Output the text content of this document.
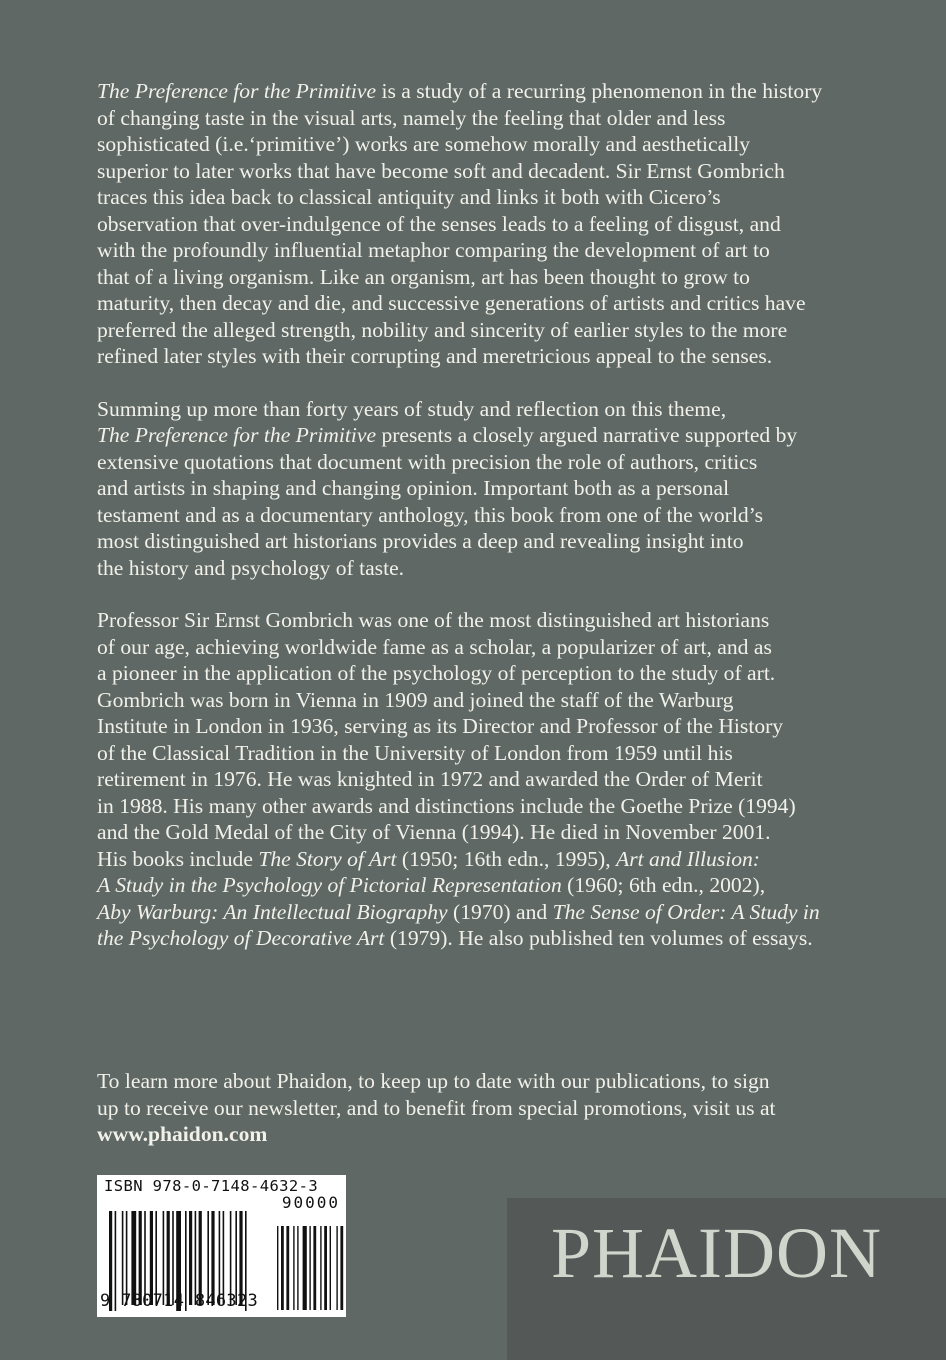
The Preference for the Primitive is a study of a recurring phenomenon in the history
of changing taste in the visual arts, namely the feeling that older and less
sophisticated (i.e.‘primitive’) works are somehow morally and aesthetically
superior to later works that have become soft and decadent. Sir Ernst Gombrich
traces this idea back to classical antiquity and links it both with Cicero’s
observation that over-indulgence of the senses leads to a feeling of disgust, and
with the profoundly influential metaphor comparing the development of art to
that of a living organism. Like an organism, art has been thought to grow to
maturity, then decay and die, and successive generations of artists and critics have
preferred the alleged strength, nobility and sincerity of earlier styles to the more
refined later styles with their corrupting and meretricious appeal to the senses.
Summing up more than forty years of study and reflection on this theme,
The Preference for the Primitive presents a closely argued narrative supported by
extensive quotations that document with precision the role of authors, critics
and artists in shaping and changing opinion. Important both as a personal
testament and as a documentary anthology, this book from one of the world’s
most distinguished art historians provides a deep and revealing insight into
the history and psychology of taste.
Professor Sir Ernst Gombrich was one of the most distinguished art historians
of our age, achieving worldwide fame as a scholar, a popularizer of art, and as
a pioneer in the application of the psychology of perception to the study of art.
Gombrich was born in Vienna in 1909 and joined the staff of the Warburg
Institute in London in 1936, serving as its Director and Professor of the History
of the Classical Tradition in the University of London from 1959 until his
retirement in 1976. He was knighted in 1972 and awarded the Order of Merit
in 1988. His many other awards and distinctions include the Goethe Prize (1994)
and the Gold Medal of the City of Vienna (1994). He died in November 2001.
His books include The Story of Art (1950; 16th edn., 1995), Art and Illusion:
A Study in the Psychology of Pictorial Representation (1960; 6th edn., 2002),
Aby Warburg: An Intellectual Biography (1970) and The Sense of Order: A Study in
the Psychology of Decorative Art (1979). He also published ten volumes of essays.
To learn more about Phaidon, to keep up to date with our publications, to sign
up to receive our newsletter, and to benefit from special promotions, visit us at
www.phaidon.com
ISBN 978-0-7148-4632-3
90000
9 780714 846323
PHAIDON
